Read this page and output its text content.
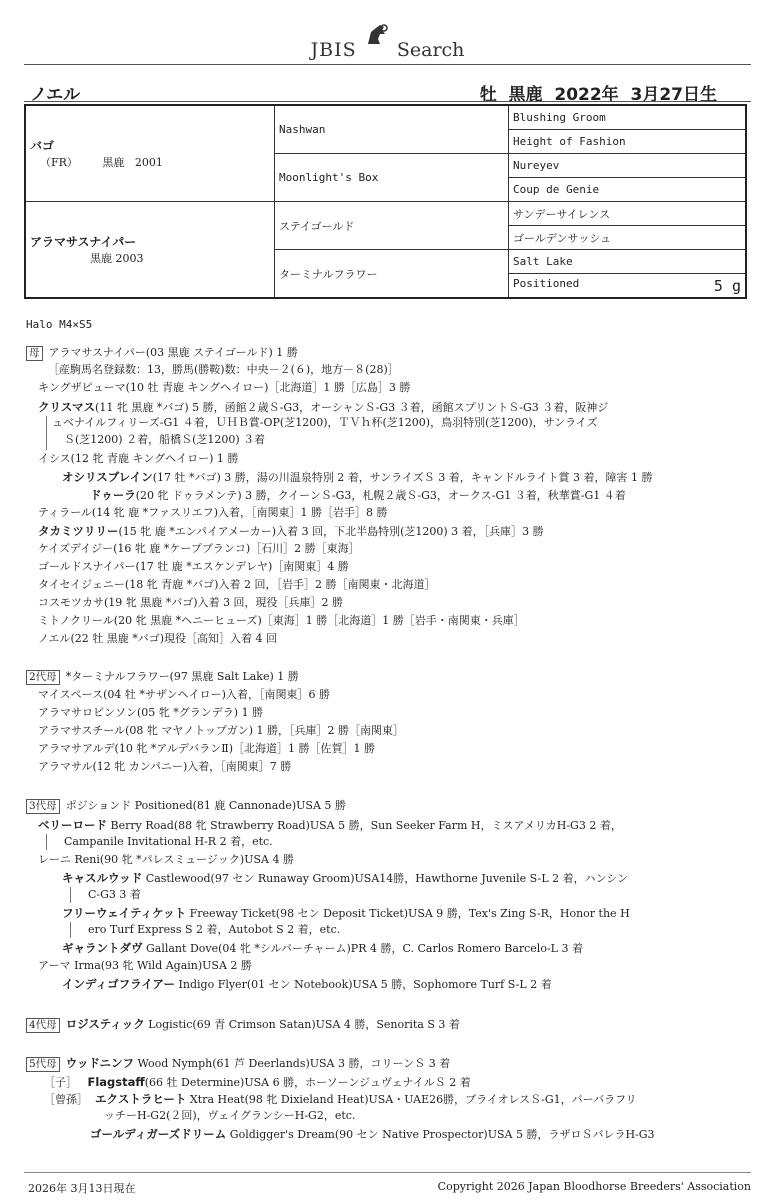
JBIS Search
ノエル	牡  黒鹿  2022年  3月27日生
バゴ
（FR）       黒鹿   2001	Nashwan	Blushing Groom
		Height of Fashion
	Moonlight's Box	Nureyev
		Coup de Genie

アラマサスナイパー
黒鹿 2003	ステイゴールド	サンデーサイレンス
		ゴールデンサッシュ
	ターミナルフラワー	Salt Lake
		Positioned 5 g
Halo M4×S5
母 アラマサスナイパー(03 黒鹿 ステイゴールド) 1 勝
［産駒馬名登録数：13，勝馬(勝鞍)数：中央－２(６)，地方－８(28)］
キングザピューマ(10 牡 青鹿 キングヘイロー)［北海道］1 勝［広島］3 勝
クリスマス(11 牝 黒鹿 *バゴ) 5 勝，函館２歳Ｓ-G3，オーシャンＳ-G3 ３着，函館スプリントＳ-G3 ３着，阪神ジ
ュベナイルフィリーズ-G1 ４着，ＵＨＢ賞-OP(芝1200)，ＴＶｈ杯(芝1200)，鳥羽特別(芝1200)，サンライズ
Ｓ(芝1200) ２着，船橋Ｓ(芝1200) ３着
イシス(12 牝 青鹿 キングヘイロー) 1 勝
オシリスブレイン(17 牡 *バゴ) 3 勝，湯の川温泉特別 2 着，サンライズＳ 3 着，キャンドルライト賞 3 着，障害 1 勝
ドゥーラ(20 牝 ドゥラメンテ) 3 勝，クイーンＳ-G3，札幌２歳Ｓ-G3，オークス-G1 ３着，秋華賞-G1 ４着
ティラール(14 牝 鹿 *ファスリエフ)入着，［南関東］1 勝［岩手］8 勝
タカミツリリー(15 牝 鹿 *エンパイアメーカー)入着 3 回，下北半島特別(芝1200) 3 着，［兵庫］3 勝
ケイズデイジー(16 牝 鹿 *ケープブランコ)［石川］2 勝［東海］
ゴールドスナイパー(17 牡 鹿 *エスケンデレヤ)［南関東］4 勝
タイセイジェニー(18 牝 青鹿 *バゴ)入着 2 回，［岩手］2 勝［南関東・北海道］
コスモツカサ(19 牝 黒鹿 *バゴ)入着 3 回，現役［兵庫］2 勝
ミトノクリール(20 牝 黒鹿 *ヘニーヒューズ)［東海］1 勝［北海道］1 勝［岩手・南関東・兵庫］
ノエル(22 牡 黒鹿 *バゴ)現役［高知］入着 4 回
2代母 *ターミナルフラワー(97 黒鹿 Salt Lake) 1 勝
マイスペース(04 牡 *サザンヘイロー)入着，［南関東］6 勝
アラマサロビンソン(05 牝 *グランデラ) 1 勝
アラマサスチール(08 牝 マヤノトップガン) 1 勝，［兵庫］2 勝［南関東］
アラマサアルデ(10 牝 *アルデバランⅡ)［北海道］1 勝［佐賀］1 勝
アラマサル(12 牝 カンパニー)入着，［南関東］7 勝
3代母 ポジションド Positioned(81 鹿 Cannonade)USA 5 勝
ベリーロード Berry Road(88 牝 Strawberry Road)USA 5 勝，Sun Seeker Farm H，ミスアメリカH-G3 2 着，
Campanile Invitational H-R 2 着，etc.
レーニ Reni(90 牝 *パレスミュージック)USA 4 勝
キャスルウッド Castlewood(97 セン Runaway Groom)USA14勝，Hawthorne Juvenile S-L 2 着，ハンシン
C-G3 3 着
フリーウェイティケット Freeway Ticket(98 セン Deposit Ticket)USA 9 勝，Tex's Zing S-R，Honor the H
ero Turf Express S 2 着，Autobot S 2 着，etc.
ギャラントダヴ Gallant Dove(04 牝 *シルバーチャーム)PR 4 勝，C. Carlos Romero Barcelo-L 3 着
アーマ Irma(93 牝 Wild Again)USA 2 勝
インディゴフライアー Indigo Flyer(01 セン Notebook)USA 5 勝，Sophomore Turf S-L 2 着
4代母 ロジスティック Logistic(69 青 Crimson Satan)USA 4 勝，Senorita S 3 着
5代母 ウッドニンフ Wood Nymph(61 芦 Deerlands)USA 3 勝，コリーンＳ 3 着
［子］ Flagstaff(66 牡 Determine)USA 6 勝，ホーソーンジュヴェナイルＳ 2 着
［曾孫］ エクストラヒート Xtra Heat(98 牝 Dixieland Heat)USA・UAE26勝，ブライオレスＳ-G1，バーバラフリ
ッチーH-G2(２回)，ヴェイグランシーH-G2，etc.
ゴールディガーズドリーム Goldigger's Dream(90 セン Native Prospector)USA 5 勝，ラザロＳバレラH-G3
2026年 3月13日現在	Copyright 2026 Japan Bloodhorse Breeders' Association
